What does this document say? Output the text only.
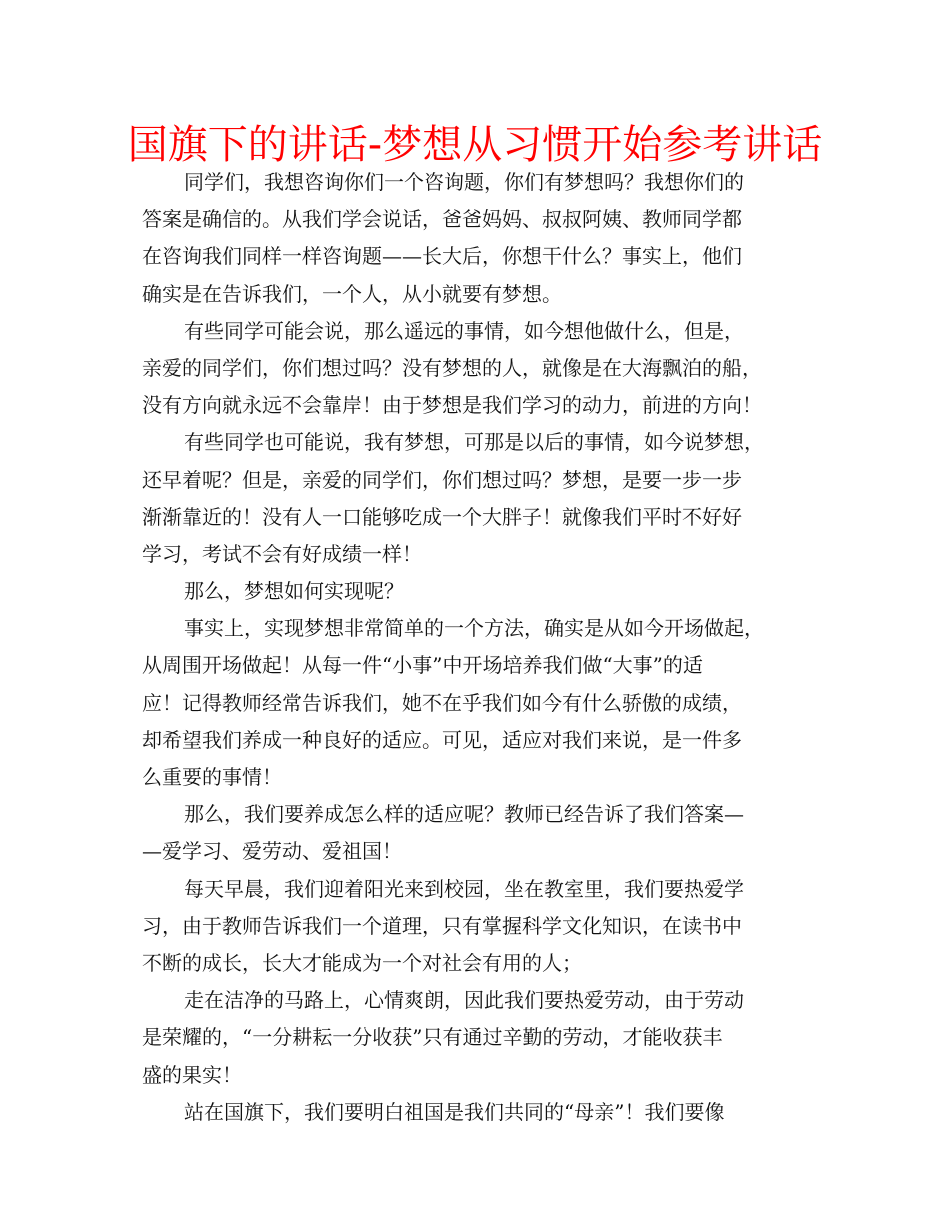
国旗下的讲话-梦想从习惯开始参考讲话
同学们，我想咨询你们一个咨询题，你们有梦想吗？我想你们的
答案是确信的。从我们学会说话，爸爸妈妈、叔叔阿姨、教师同学都
在咨询我们同样一样咨询题——长大后，你想干什么？事实上，他们
确实是在告诉我们，一个人，从小就要有梦想。
有些同学可能会说，那么遥远的事情，如今想他做什么，但是，
亲爱的同学们，你们想过吗？没有梦想的人，就像是在大海飘泊的船，
没有方向就永远不会靠岸！由于梦想是我们学习的动力，前进的方向！
有些同学也可能说，我有梦想，可那是以后的事情，如今说梦想，
还早着呢？但是，亲爱的同学们，你们想过吗？梦想，是要一步一步
渐渐靠近的！没有人一口能够吃成一个大胖子！就像我们平时不好好
学习，考试不会有好成绩一样！
那么，梦想如何实现呢？
事实上，实现梦想非常简单的一个方法，确实是从如今开场做起，
从周围开场做起！从每一件“小事”中开场培养我们做“大事”的适
应！记得教师经常告诉我们，她不在乎我们如今有什么骄傲的成绩，
却希望我们养成一种良好的适应。可见，适应对我们来说，是一件多
么重要的事情！
那么，我们要养成怎么样的适应呢？教师已经告诉了我们答案—
—爱学习、爱劳动、爱祖国！
每天早晨，我们迎着阳光来到校园，坐在教室里，我们要热爱学
习，由于教师告诉我们一个道理，只有掌握科学文化知识，在读书中
不断的成长，长大才能成为一个对社会有用的人；
走在洁净的马路上，心情爽朗，因此我们要热爱劳动，由于劳动
是荣耀的，“一分耕耘一分收获”只有通过辛勤的劳动，才能收获丰
盛的果实！
站在国旗下，我们要明白祖国是我们共同的“母亲”！我们要像
